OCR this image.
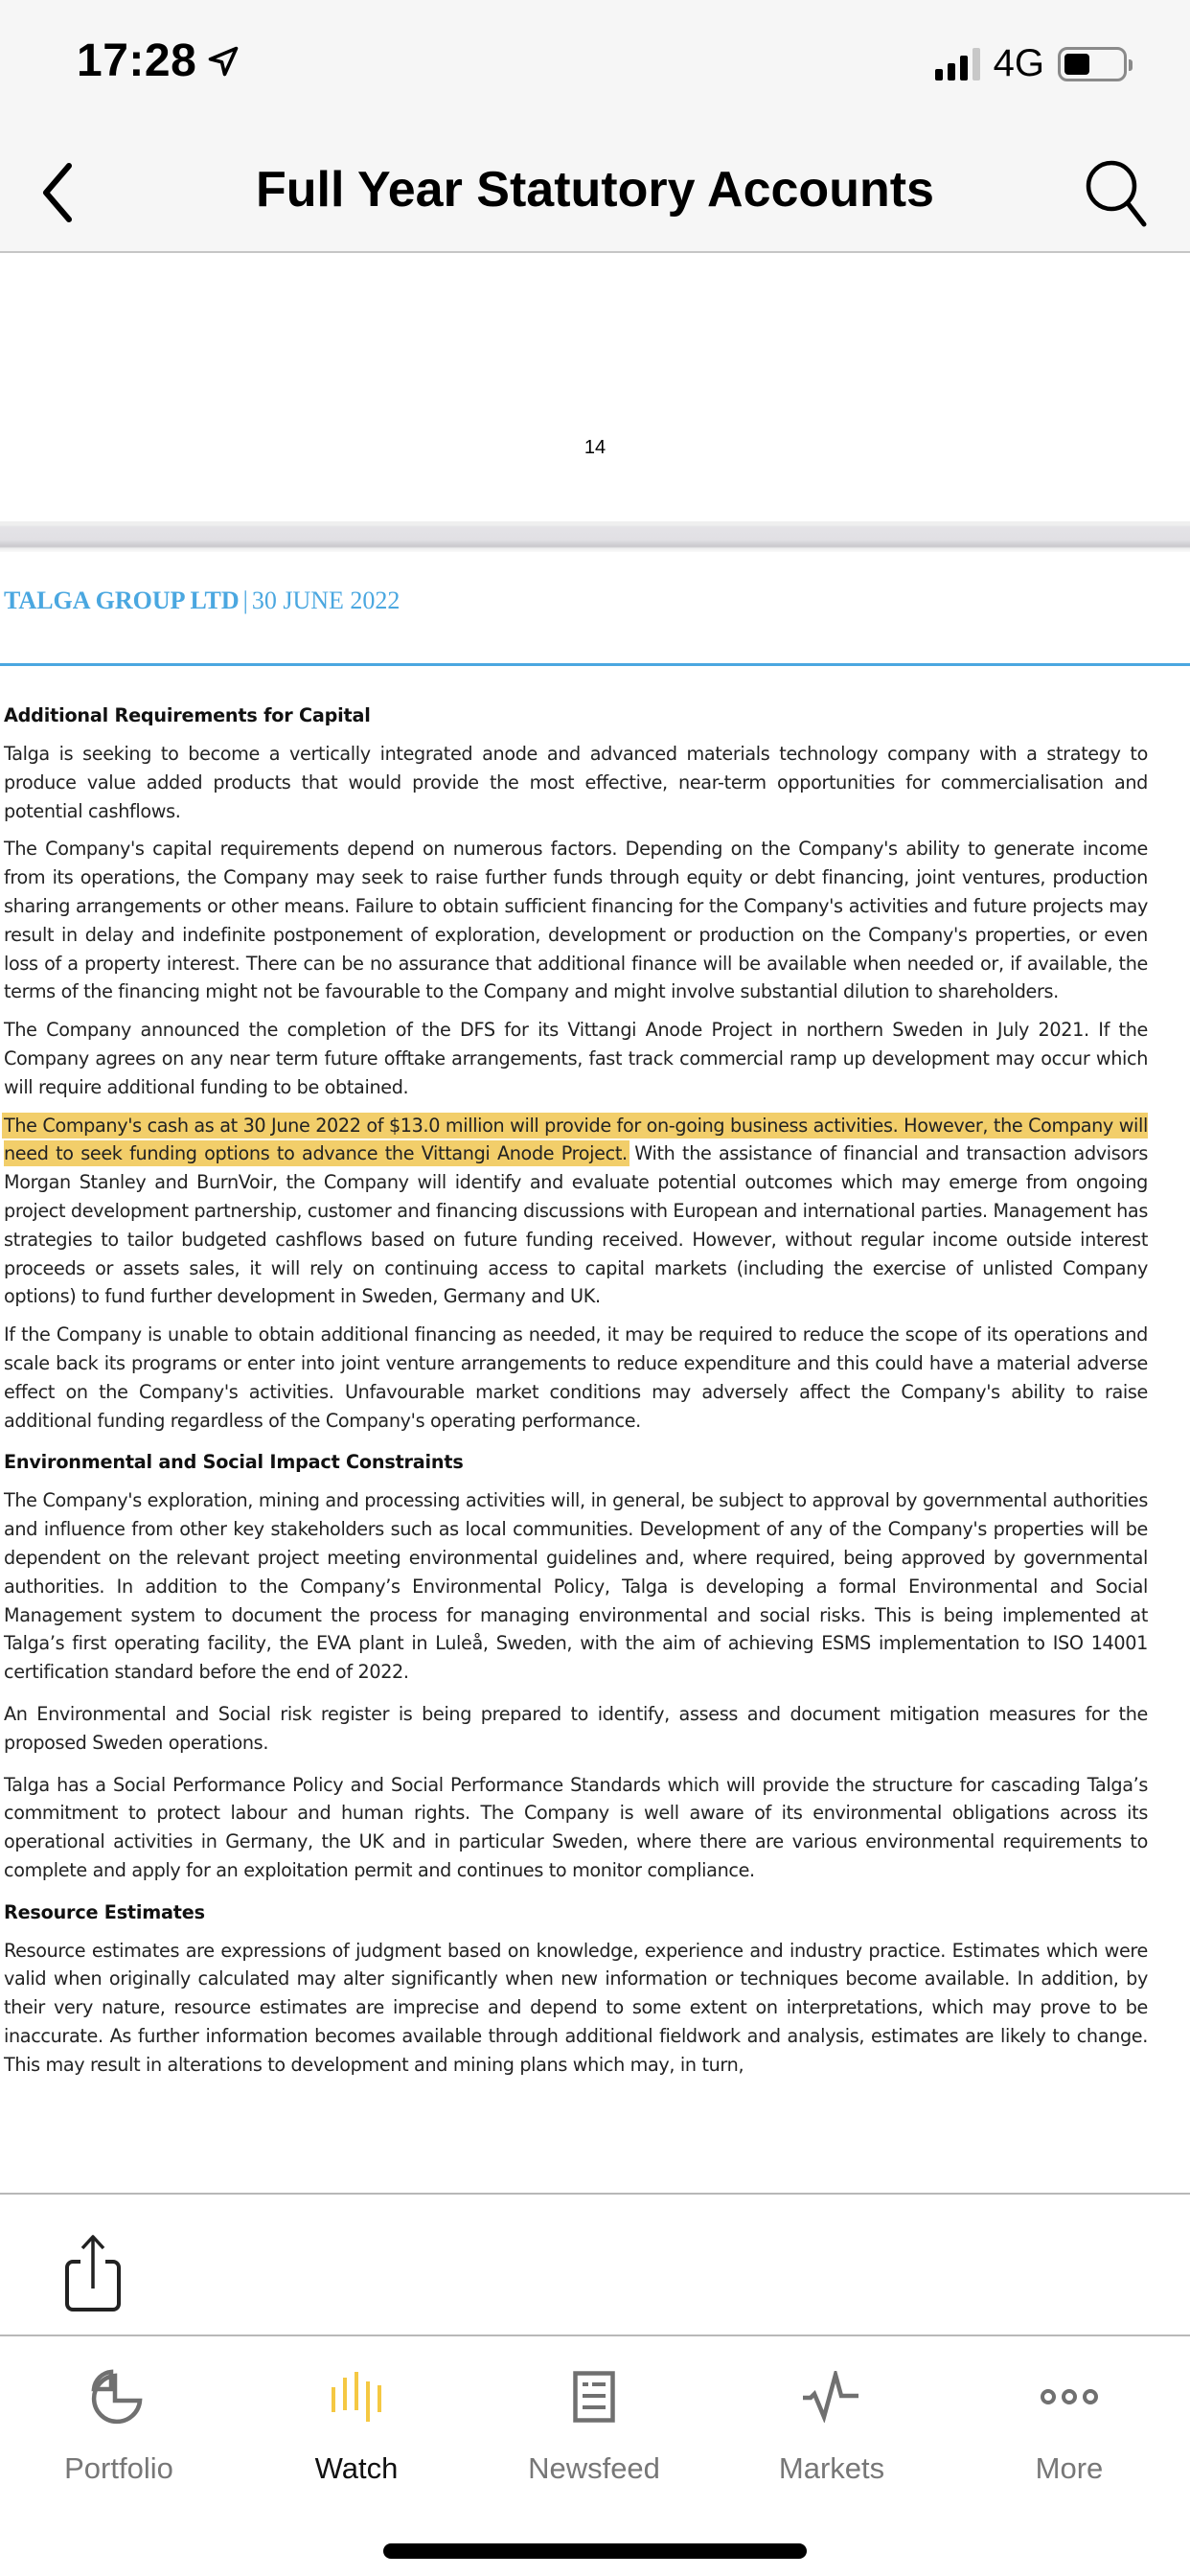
17:28	4G
Full Year Statutory Accounts
14
TALGA GROUP LTD | 30 JUNE 2022
Additional Requirements for Capital

Talga is seeking to become a vertically integrated anode and advanced materials technology company with a strategy to produce value added products that would provide the most effective, near-term opportunities for commercialisation and potential cashflows.

The Company's capital requirements depend on numerous factors. Depending on the Company's ability to generate income from its operations, the Company may seek to raise further funds through equity or debt financing, joint ventures, production sharing arrangements or other means. Failure to obtain sufficient financing for the Company's activities and future projects may result in delay and indefinite postponement of exploration, development or production on the Company's properties, or even loss of a property interest. There can be no assurance that additional finance will be available when needed or, if available, the terms of the financing might not be favourable to the Company and might involve substantial dilution to shareholders.

The Company announced the completion of the DFS for its Vittangi Anode Project in northern Sweden in July 2021. If the Company agrees on any near term future offtake arrangements, fast track commercial ramp up development may occur which will require additional funding to be obtained.

The Company's cash as at 30 June 2022 of $13.0 million will provide for on-going business activities. However, the Company will need to seek funding options to advance the Vittangi Anode Project. With the assistance of financial and transaction advisors Morgan Stanley and BurnVoir, the Company will identify and evaluate potential outcomes which may emerge from ongoing project development partnership, customer and financing discussions with European and international parties. Management has strategies to tailor budgeted cashflows based on future funding received. However, without regular income outside interest proceeds or assets sales, it will rely on continuing access to capital markets (including the exercise of unlisted Company options) to fund further development in Sweden, Germany and UK.

If the Company is unable to obtain additional financing as needed, it may be required to reduce the scope of its operations and scale back its programs or enter into joint venture arrangements to reduce expenditure and this could have a material adverse effect on the Company's activities. Unfavourable market conditions may adversely affect the Company's ability to raise additional funding regardless of the Company's operating performance.

Environmental and Social Impact Constraints

The Company's exploration, mining and processing activities will, in general, be subject to approval by governmental authorities and influence from other key stakeholders such as local communities. Development of any of the Company's properties will be dependent on the relevant project meeting environmental guidelines and, where required, being approved by governmental authorities. In addition to the Company’s Environmental Policy, Talga is developing a formal Environmental and Social Management system to document the process for managing environmental and social risks. This is being implemented at Talga’s first operating facility, the EVA plant in Luleå, Sweden, with the aim of achieving ESMS implementation to ISO 14001 certification standard before the end of 2022.

An Environmental and Social risk register is being prepared to identify, assess and document mitigation measures for the proposed Sweden operations.

Talga has a Social Performance Policy and Social Performance Standards which will provide the structure for cascading Talga’s commitment to protect labour and human rights. The Company is well aware of its environmental obligations across its operational activities in Germany, the UK and in particular Sweden, where there are various environmental requirements to complete and apply for an exploitation permit and continues to monitor compliance.

Resource Estimates

Resource estimates are expressions of judgment based on knowledge, experience and industry practice. Estimates which were valid when originally calculated may alter significantly when new information or techniques become available. In addition, by their very nature, resource estimates are imprecise and depend to some extent on interpretations, which may prove to be inaccurate. As further information becomes available through additional fieldwork and analysis, estimates are likely to change. This may result in alterations to development and mining plans which may, in turn,

Portfolio	Watch	Newsfeed	Markets	More
